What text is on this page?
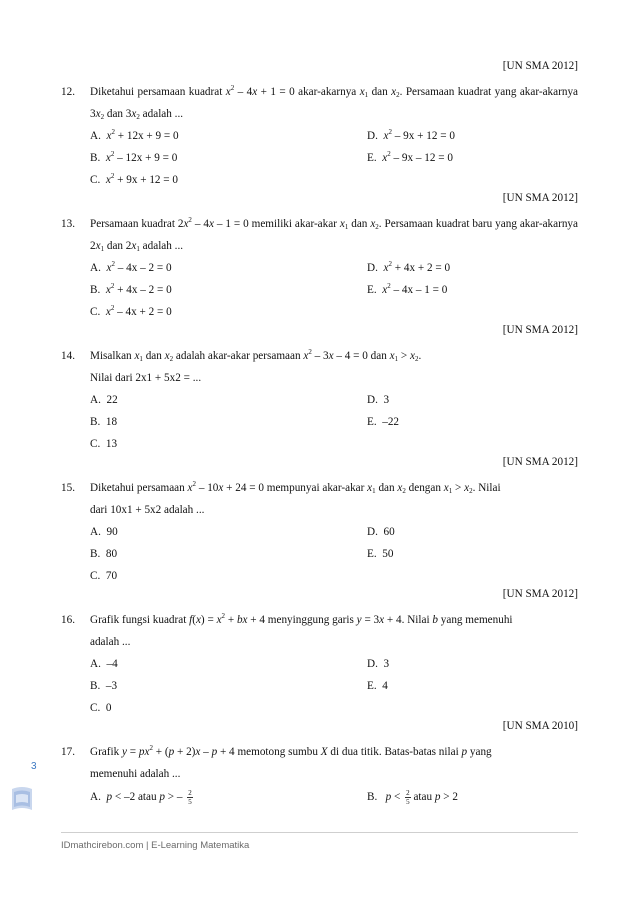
[UN SMA 2012]
12. Diketahui persamaan kuadrat $x^2 - 4x + 1 = 0$ akar-akarnya $x_1$ dan $x_2$. Persamaan kuadrat yang akar-akarnya $3x_2$ dan $3x_2$ adalah ...
A.  $x^2 + 12x + 9 = 0$	D.  $x^2 - 9x + 12 = 0$
B.  $x^2 - 12x + 9 = 0$	E.  $x^2 - 9x - 12 = 0$
C.  $x^2 + 9x + 12 = 0$
[UN SMA 2012]
13. Persamaan kuadrat $2x^2 - 4x - 1 = 0$ memiliki akar-akar $x_1$ dan $x_2$. Persamaan kuadrat baru yang akar-akarnya $2x_1$ dan $2x_1$ adalah ...
A.  $x^2 - 4x - 2 = 0$	D.  $x^2 + 4x + 2 = 0$
B.  $x^2 + 4x - 2 = 0$	E.  $x^2 - 4x - 1 = 0$
C.  $x^2 - 4x + 2 = 0$
[UN SMA 2012]
14. Misalkan $x_1$ dan $x_2$ adalah akar-akar persamaan $x^2 - 3x - 4 = 0$ dan $x_1 > x_2$.
Nilai dari 2x1 + 5x2 = ...
A.  22	D.  3
B.  18	E.  –22
C.  13
[UN SMA 2012]
15. Diketahui persamaan $x^2 - 10x + 24 = 0$ mempunyai akar-akar $x_1$ dan $x_2$ dengan $x_1 > x_2$. Nilai
dari 10x1 + 5x2 adalah ...
A.  90	D.  60
B.  80	E.  50
C.  70
[UN SMA 2012]
16. Grafik fungsi kuadrat $f(x) = x^2$ + bx + 4 menyinggung garis y = 3x + 4. Nilai b yang memenuhi
adalah ...
A.  –4	D.  3
B.  –3	E.  4
C.  0
[UN SMA 2010]
17. Grafik $y = px^2 + (p + 2)x - p + 4$ memotong sumbu X di dua titik. Batas-batas nilai p yang
memenuhi adalah ...
A.  p < –2 atau p > – $\frac{2}{5}$	B.   $p < \frac{2}{5}$ atau p > 2
3
IDmathcirebon.com | E-Learning Matematika
